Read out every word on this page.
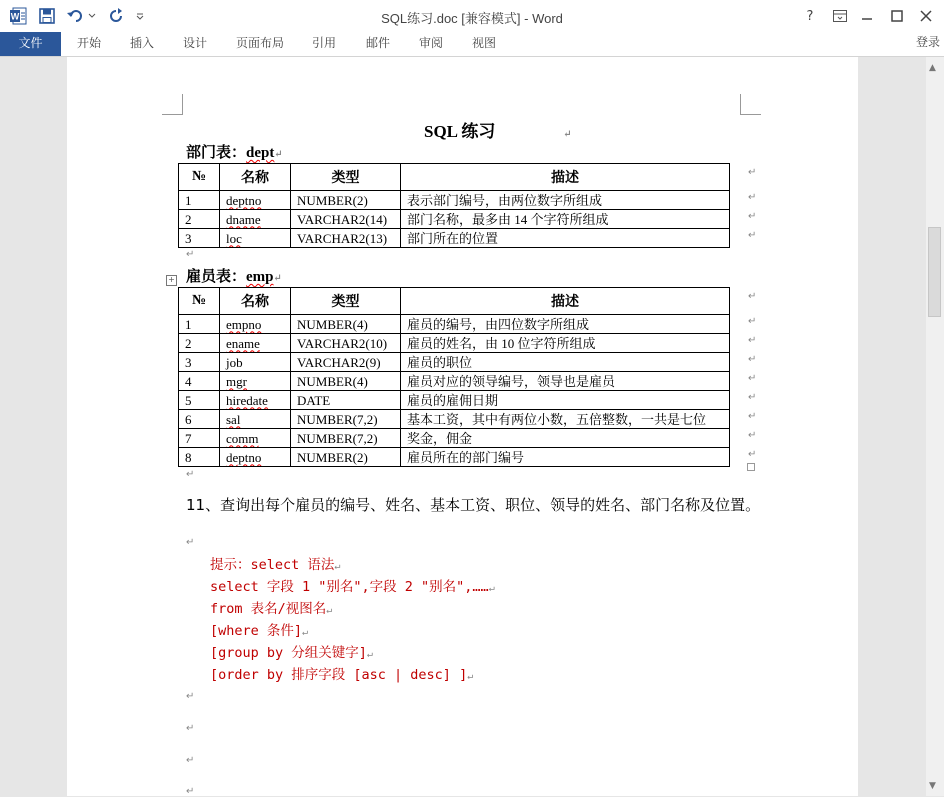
W	SQL练习.doc [兼容模式] - Word	?
文件	开始 插入 设计 页面布局 引用 邮件 审阅 视图	登录
SQL 练习	↵
部门表：dept↵
№	名称	类型	描述
1	deptno	NUMBER(2)	表示部门编号，由两位数字所组成
2	dname	VARCHAR2(14)	部门名称，最多由 14 个字符所组成
3	loc	VARCHAR2(13)	部门所在的位置
↵
↵
↵
↵
↵
+ 雇员表：emp↵
№	名称	类型	描述
1	empno	NUMBER(4)	雇员的编号，由四位数字所组成
2	ename	VARCHAR2(10)	雇员的姓名，由 10 位字符所组成
3	job	VARCHAR2(9)	雇员的职位
4	mgr	NUMBER(4)	雇员对应的领导编号，领导也是雇员
5	hiredate	DATE	雇员的雇佣日期
6	sal	NUMBER(7,2)	基本工资，其中有两位小数，五倍整数，一共是七位
7	comm	NUMBER(7,2)	奖金，佣金
8	deptno	NUMBER(2)	雇员所在的部门编号
↵
↵
↵
↵
↵
↵
↵
↵
↵
↵
11、查询出每个雇员的编号、姓名、基本工资、职位、领导的姓名、部门名称及位置。 ↵
提示：select 语法↵
select 字段 1 "别名",字段 2 "别名",……↵
from 表名/视图名↵
[where 条件]↵
[group by 分组关键字]↵
[order by 排序字段 [asc | desc] ]↵
↵
↵
↵
↵
▲
▼
